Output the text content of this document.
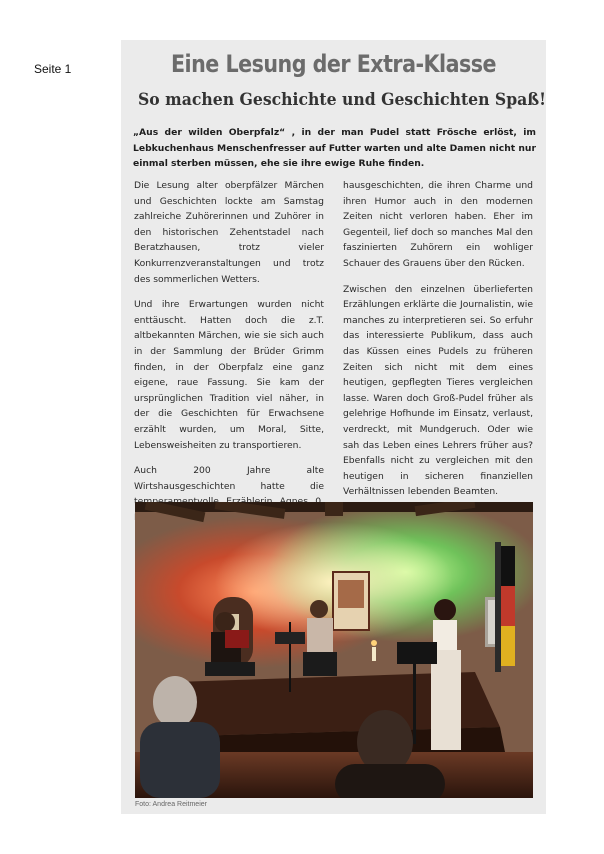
Seite 1	Eine Lesung der Extra-Klasse
So machen Geschichte und Geschichten Spaß!
„Aus der wilden Oberpfalz“ , in der man Pudel statt Frösche erlöst, im Lebkuchenhaus Menschenfresser auf Futter warten und alte Damen nicht nur einmal sterben müssen, ehe sie ihre ewige Ruhe finden.

Die Lesung alter oberpfälzer Märchen und Geschichten lockte am Samstag zahlreiche Zuhörerinnen und Zuhörer in den historischen Zehentstadel nach Beratzhausen, trotz vieler Konkurrenzveranstaltungen und trotz des sommerlichen Wetters.

Und ihre Erwartungen wurden nicht enttäuscht. Hatten doch die z.T. altbekannten Märchen, wie sie sich auch in der Sammlung der Brüder Grimm finden, in der Oberpfalz eine ganz eigene, raue Fassung. Sie kam der ursprünglichen Tradition viel näher, in der die Geschichten für Erwachsene erzählt wurden, um Moral, Sitte, Lebensweisheiten zu transportieren.

Auch 200 Jahre alte Wirtshausgeschichten hatte die

hausgeschichten, die ihren Charme und ihren Humor auch in den modernen Zeiten nicht verloren haben. Eher im Gegenteil, lief doch so manches Mal den faszinierten Zuhörern ein wohliger Schauer des Grauens über den Rücken.

Zwischen den einzelnen überlieferten Erzählungen erklärte die Journalistin, wie manches zu interpretieren sei. So erfuhr das interessierte Publikum, dass auch das Küssen eines Pudels zu früheren Zeiten sich nicht mit dem eines heutigen, gepflegten Tieres vergleichen lasse. Waren doch Groß-Pudel früher als gelehrige Hofhunde im Einsatz, verlaust, verdreckt, mit Mundgeruch. Oder wie sah das Leben eines Lehrers früher aus? Ebenfalls nicht zu vergleichen mit den heutigen in sicheren finanziellen Verhältnissen lebenden Beamten.

Foto: Andrea Reitmeier
